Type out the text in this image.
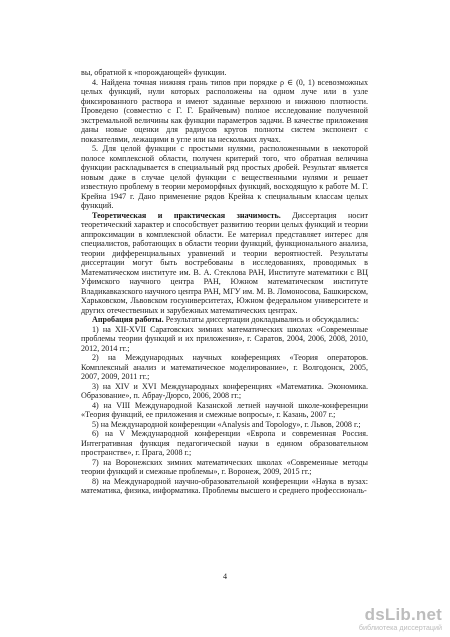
вы, обратной к «порождающей» функции.

4. Найдена точная нижняя грань типов при порядке ρ ∈ (0, 1) всевозможных целых функций, нули которых расположены на одном луче или в узле фиксированного раствора и имеют заданные верхнюю и нижнюю плотности. Проведено (совместно с Г. Г. Брайчевым) полное исследование полученной экстремальной величины как функции параметров задачи. В качестве приложения даны новые оценки для радиусов кругов полноты систем экспонент с показателями, лежащими в угле или на нескольких лучах.

5. Для целой функции с простыми нулями, расположенными в некоторой полосе комплексной области, получен критерий того, что обратная величина функции раскладывается в специальный ряд простых дробей. Результат является новым даже в случае целой функции с вещественными нулями и решает известную проблему в теории мероморфных функций, восходящую к работе М. Г. Крейна 1947 г. Дано применение рядов Крейна к специальным классам целых функций.

Теоретическая и практическая значимость. Диссертация носит теоретический характер и способствует развитию теории целых функций и теории аппроксимации в комплексной области. Ее материал представляет интерес для специалистов, работающих в области теории функций, функционального анализа, теории дифференциальных уравнений и теории вероятностей. Результаты диссертации могут быть востребованы в исследованиях, проводимых в Математическом институте им. В. А. Стеклова РАН, Институте математики с ВЦ Уфимского научного центра РАН, Южном математическом институте Владикавказского научного центра РАН, МГУ им. М. В. Ломоносова, Башкирском, Харьковском, Львовском госуниверситетах, Южном федеральном университете и других отечественных и зарубежных математических центрах.

Апробация работы. Результаты диссертации докладывались и обсуждались:

1) на XII-XVII Саратовских зимних математических школах «Современные проблемы теории функций и их приложения», г. Саратов, 2004, 2006, 2008, 2010, 2012, 2014 гг.;

2) на Международных научных конференциях «Теория операторов. Комплексный анализ и математическое моделирование», г. Волгодонск, 2005, 2007, 2009, 2011 гг.;

3) на XIV и XVI Международных конференциях «Математика. Экономика. Образование», п. Абрау-Дюрсо, 2006, 2008 гг.;

4) на VIII Международной Казанской летней научной школе-конференции «Теория функций, ее приложения и смежные вопросы», г. Казань, 2007 г.;

5) на Международной конференции «Analysis and Topology», г. Львов, 2008 г.;

6) на V Международной конференции «Европа и современная Россия. Интегративная функция педагогической науки в едином образовательном пространстве», г. Прага, 2008 г.;

7) на Воронежских зимних математических школах «Современные методы теории функций и смежные проблемы», г. Воронеж, 2009, 2015 гг.;

8) на Международной научно-образовательной конференции «Наука в вузах: математика, физика, информатика. Проблемы высшего и среднего профессиональ-

4
dsLib.net
библиотека диссертаций
